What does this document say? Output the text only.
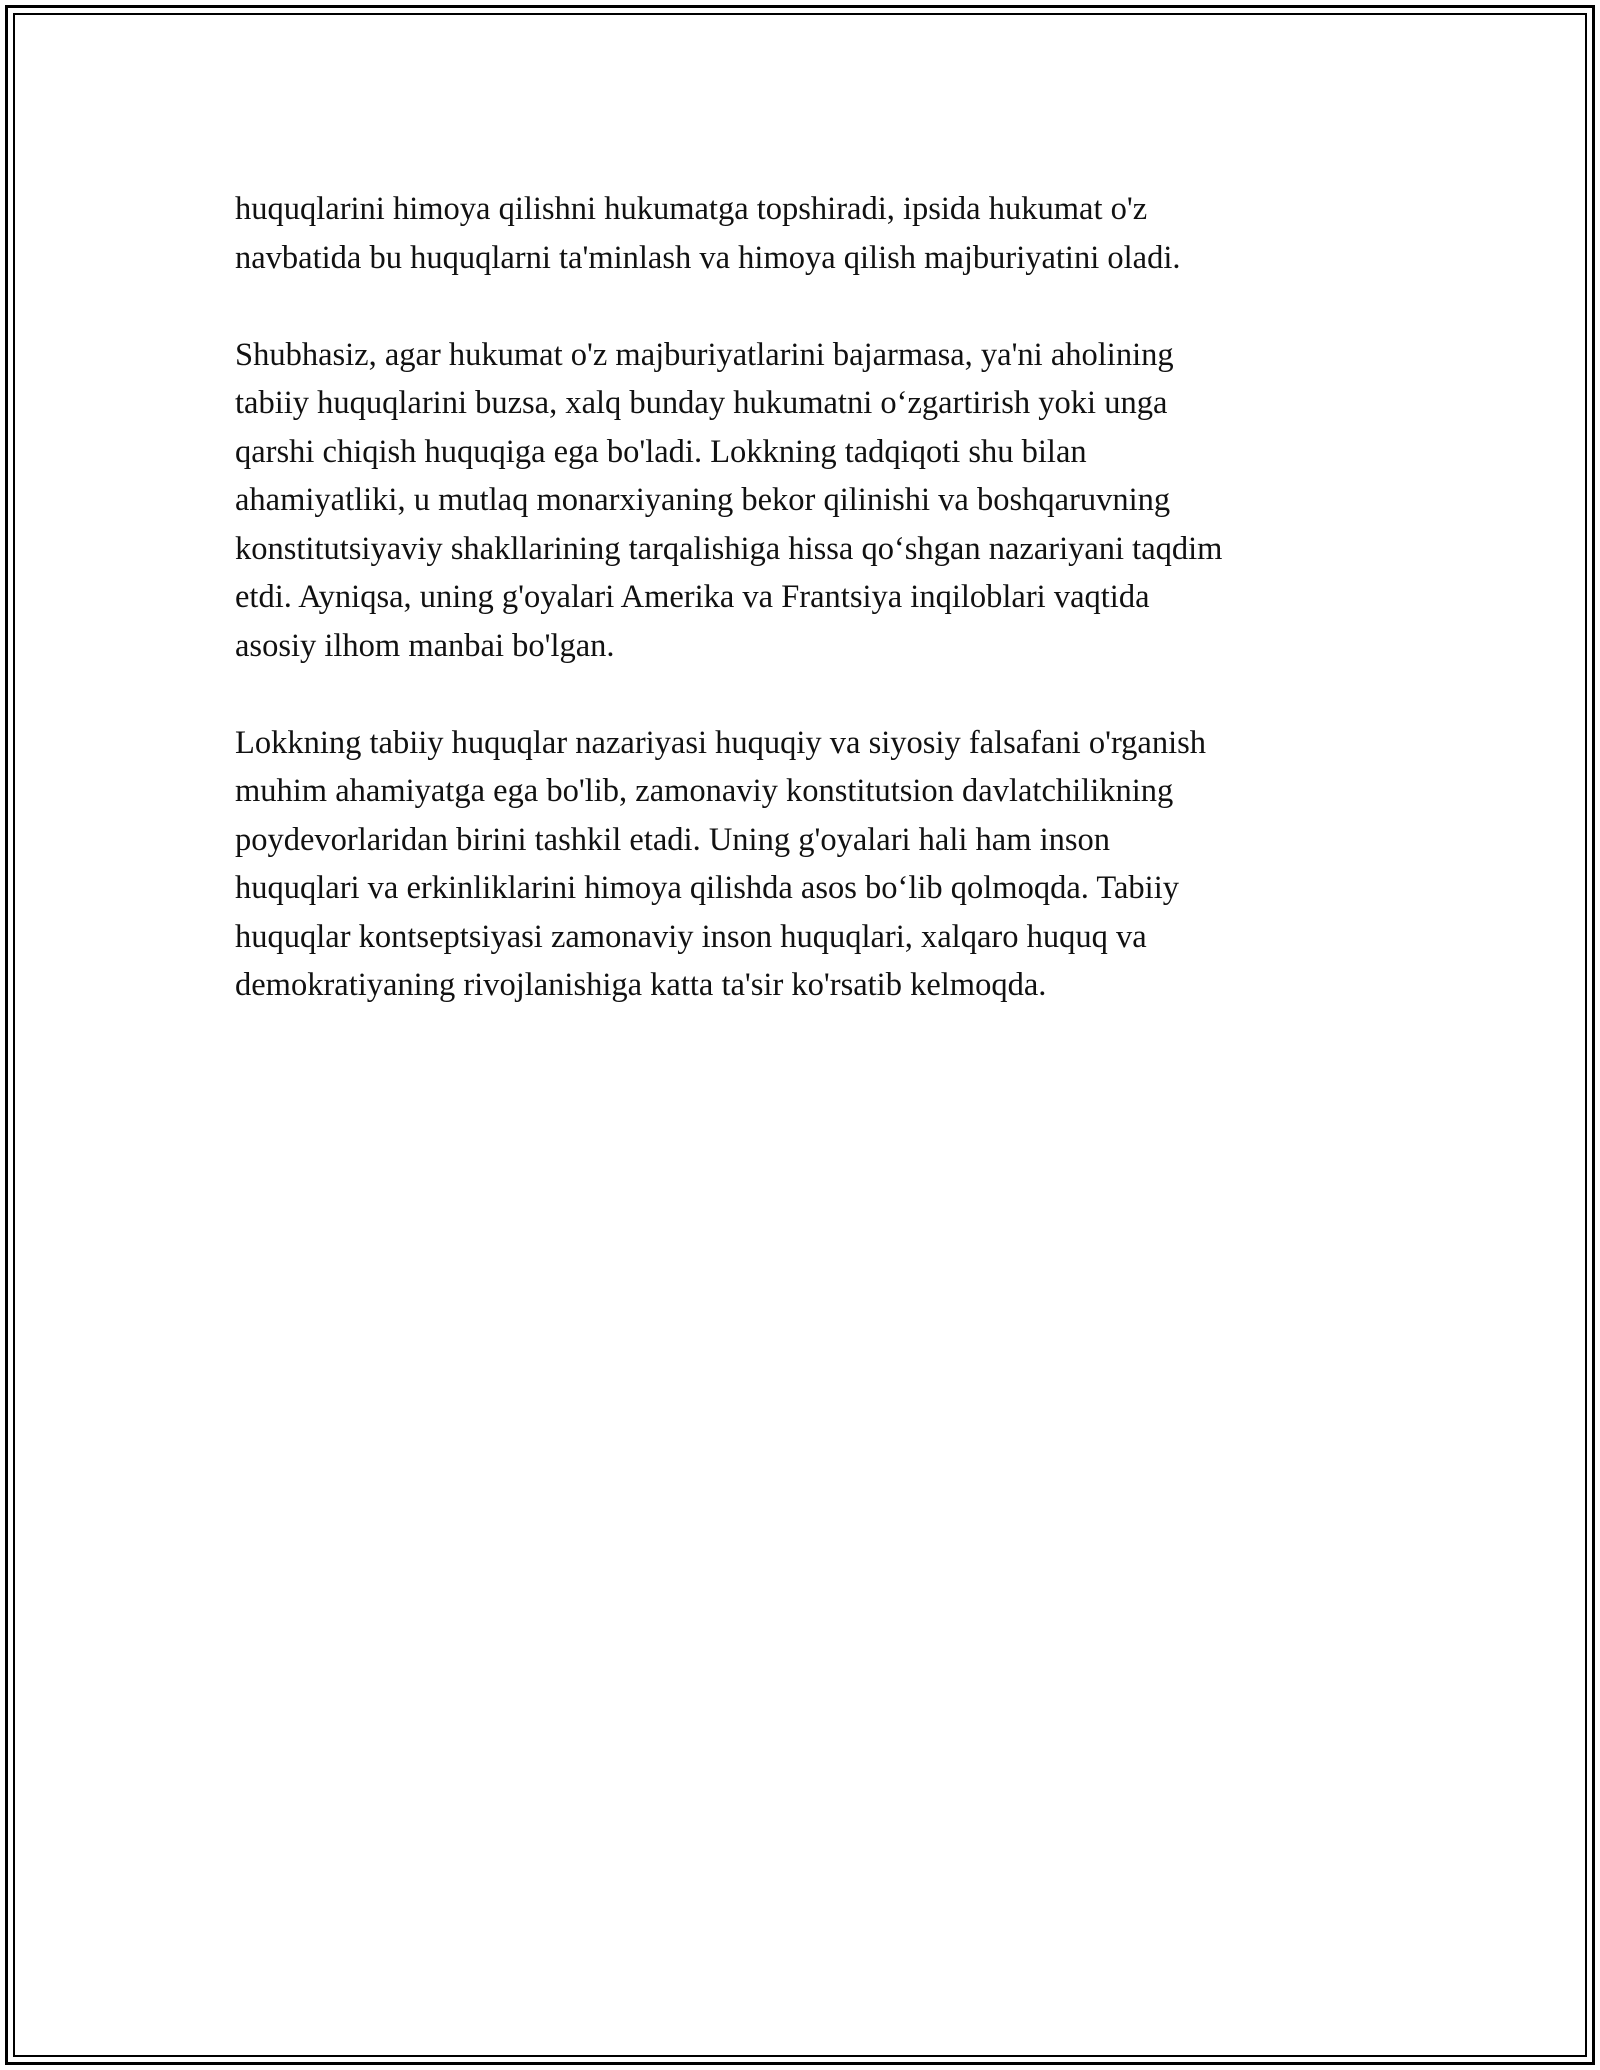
huquqlarini himoya qilishni hukumatga topshiradi, ipsida hukumat o'z
navbatida bu huquqlarni ta'minlash va himoya qilish majburiyatini oladi.

Shubhasiz, agar hukumat o'z majburiyatlarini bajarmasa, ya'ni aholining
tabiiy huquqlarini buzsa, xalq bunday hukumatni o‘zgartirish yoki unga
qarshi chiqish huquqiga ega bo'ladi. Lokkning tadqiqoti shu bilan
ahamiyatliki, u mutlaq monarxiyaning bekor qilinishi va boshqaruvning
konstitutsiyaviy shakllarining tarqalishiga hissa qo‘shgan nazariyani taqdim
etdi. Ayniqsa, uning g'oyalari Amerika va Frantsiya inqiloblari vaqtida
asosiy ilhom manbai bo'lgan.

Lokkning tabiiy huquqlar nazariyasi huquqiy va siyosiy falsafani o'rganish
muhim ahamiyatga ega bo'lib, zamonaviy konstitutsion davlatchilikning
poydevorlaridan birini tashkil etadi. Uning g'oyalari hali ham inson
huquqlari va erkinliklarini himoya qilishda asos bo‘lib qolmoqda. Tabiiy
huquqlar kontseptsiyasi zamonaviy inson huquqlari, xalqaro huquq va
demokratiyaning rivojlanishiga katta ta'sir ko'rsatib kelmoqda.
